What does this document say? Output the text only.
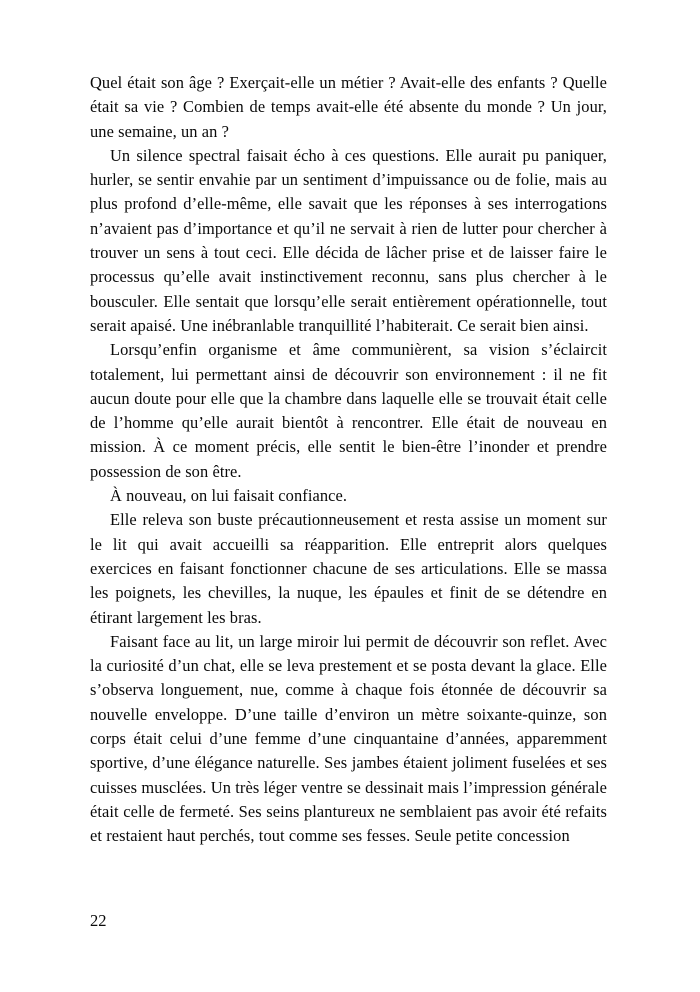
Quel était son âge ? Exerçait-elle un métier ? Avait-elle des enfants ? Quelle était sa vie ? Combien de temps avait-elle été absente du monde ? Un jour, une semaine, un an ?

Un silence spectral faisait écho à ces questions. Elle aurait pu paniquer, hurler, se sentir envahie par un sentiment d’impuissance ou de folie, mais au plus profond d’elle-même, elle savait que les réponses à ses interrogations n’avaient pas d’importance et qu’il ne servait à rien de lutter pour chercher à trouver un sens à tout ceci. Elle décida de lâcher prise et de laisser faire le processus qu’elle avait instinctivement reconnu, sans plus chercher à le bousculer. Elle sentait que lorsqu’elle serait entièrement opérationnelle, tout serait apaisé. Une inébranlable tranquillité l’habiterait. Ce serait bien ainsi.

Lorsqu’enfin organisme et âme communièrent, sa vision s’éclaircit totalement, lui permettant ainsi de découvrir son environnement : il ne fit aucun doute pour elle que la chambre dans laquelle elle se trouvait était celle de l’homme qu’elle aurait bientôt à rencontrer. Elle était de nouveau en mission. À ce moment précis, elle sentit le bien-être l’inonder et prendre possession de son être.

À nouveau, on lui faisait confiance.

Elle releva son buste précautionneusement et resta assise un moment sur le lit qui avait accueilli sa réapparition. Elle entreprit alors quelques exercices en faisant fonctionner chacune de ses articulations. Elle se massa les poignets, les chevilles, la nuque, les épaules et finit de se détendre en étirant largement les bras.

Faisant face au lit, un large miroir lui permit de découvrir son reflet. Avec la curiosité d’un chat, elle se leva prestement et se posta devant la glace. Elle s’observa longuement, nue, comme à chaque fois étonnée de découvrir sa nouvelle enveloppe. D’une taille d’environ un mètre soixante-quinze, son corps était celui d’une femme d’une cinquantaine d’années, apparemment sportive, d’une élégance naturelle. Ses jambes étaient joliment fuselées et ses cuisses musclées. Un très léger ventre se dessinait mais l’impression générale était celle de fermeté. Ses seins plantureux ne semblaient pas avoir été refaits et restaient haut perchés, tout comme ses fesses. Seule petite concession

22
